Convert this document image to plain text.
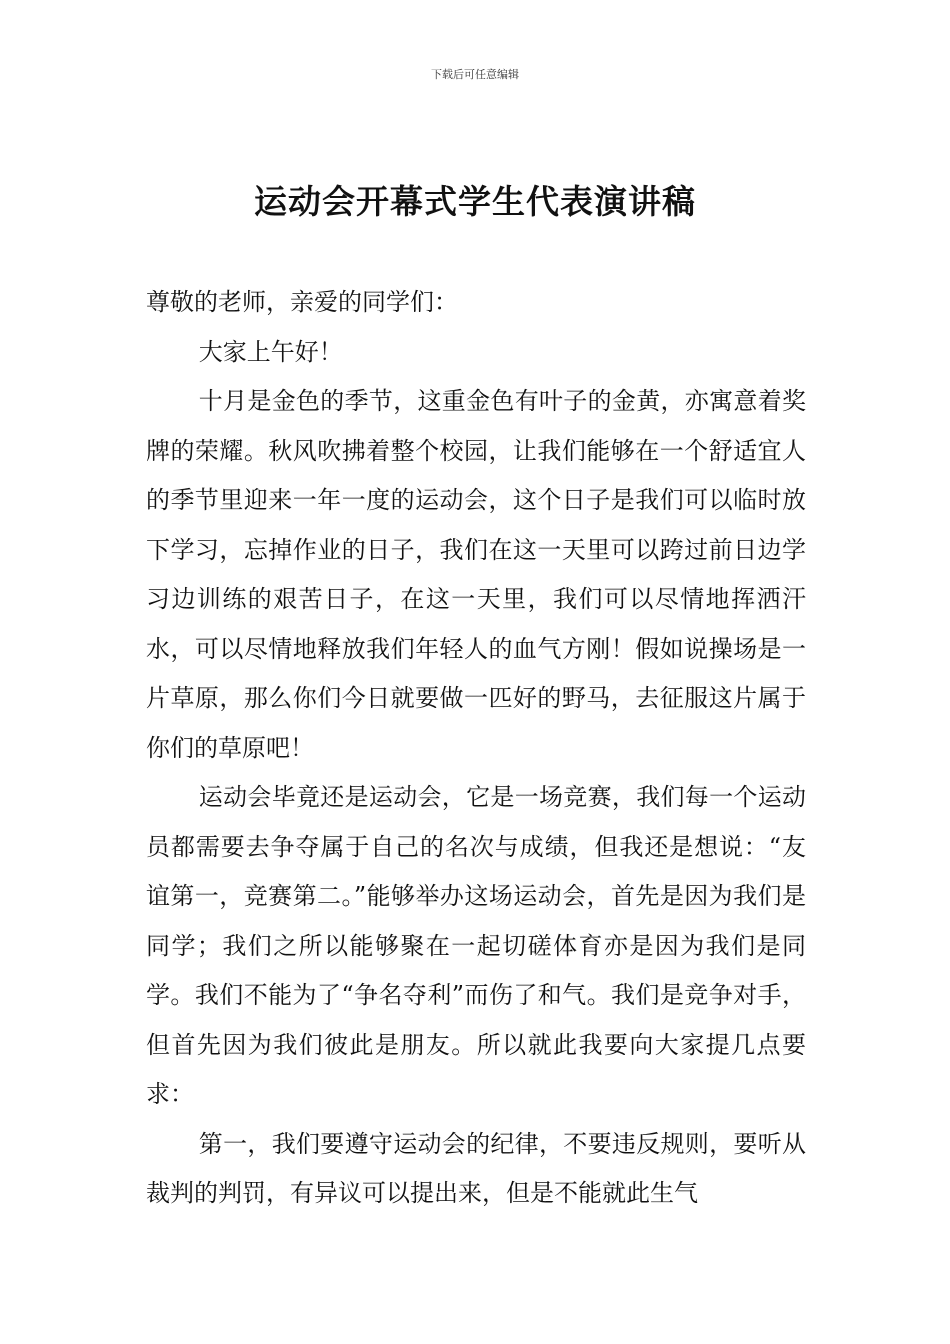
下载后可任意编辑
运动会开幕式学生代表演讲稿

尊敬的老师，亲爱的同学们：

大家上午好！

十月是金色的季节，这重金色有叶子的金黄，亦寓意着奖牌的荣耀。秋风吹拂着整个校园，让我们能够在一个舒适宜人的季节里迎来一年一度的运动会，这个日子是我们可以临时放下学习，忘掉作业的日子，我们在这一天里可以跨过前日边学习边训练的艰苦日子，在这一天里，我们可以尽情地挥洒汗水，可以尽情地释放我们年轻人的血气方刚！假如说操场是一片草原，那么你们今日就要做一匹好的野马，去征服这片属于你们的草原吧！

运动会毕竟还是运动会，它是一场竞赛，我们每一个运动员都需要去争夺属于自己的名次与成绩，但我还是想说：“友谊第一，竞赛第二。”能够举办这场运动会，首先是因为我们是同学；我们之所以能够聚在一起切磋体育亦是因为我们是同学。我们不能为了“争名夺利”而伤了和气。我们是竞争对手，但首先因为我们彼此是朋友。所以就此我要向大家提几点要求：

第一，我们要遵守运动会的纪律，不要违反规则，要听从裁判的判罚，有异议可以提出来，但是不能就此生气
